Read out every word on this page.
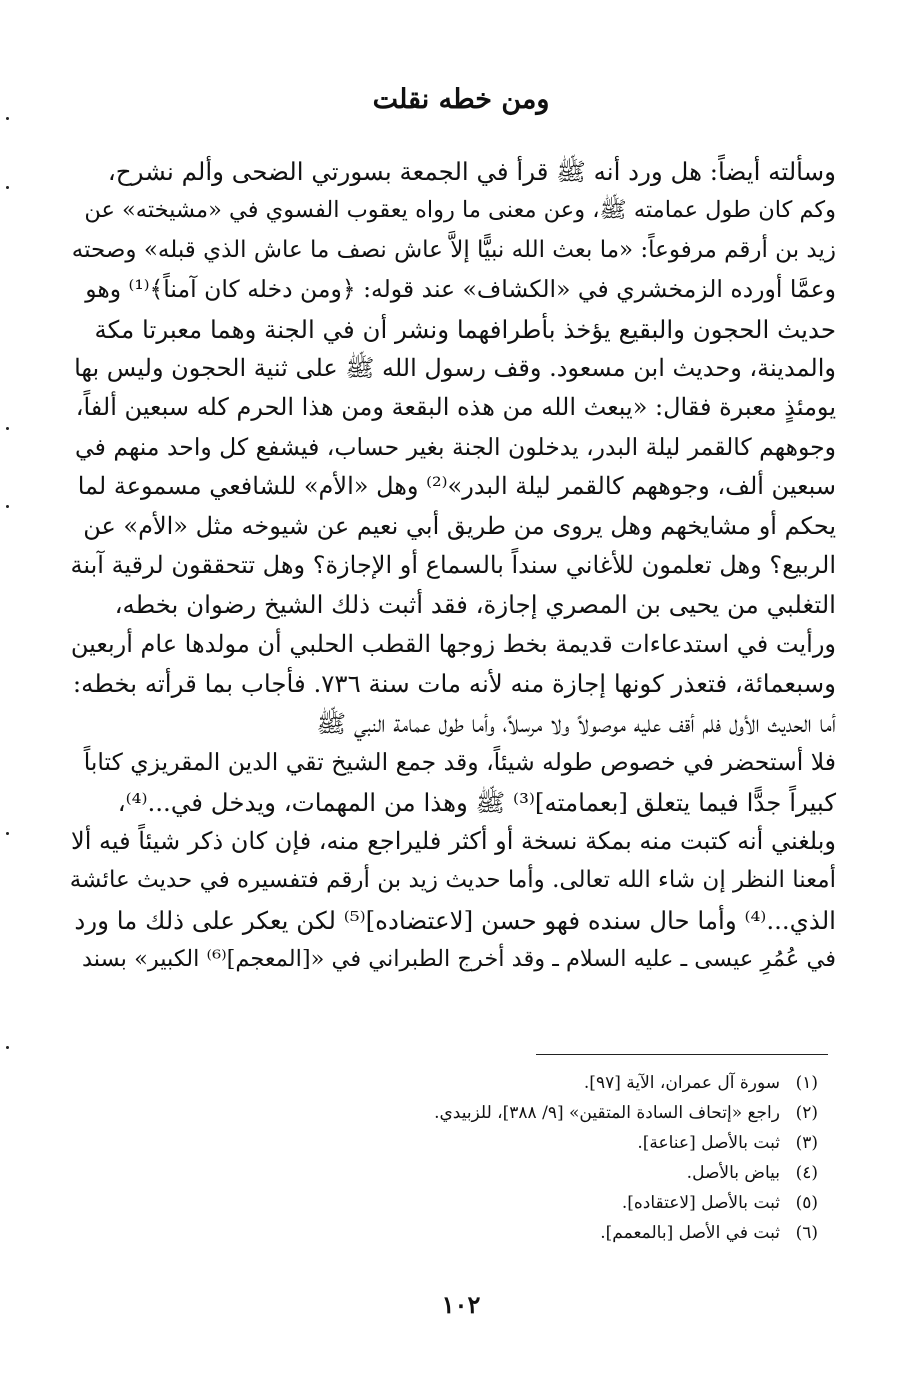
ومن خطه نقلت
وسألته أيضاً: هل ورد أنه ﷺ قرأ في الجمعة بسورتي الضحى وألم نشرح،
وكم كان طول عمامته ﷺ، وعن معنى ما رواه يعقوب الفسوي في «مشيخته» عن
زيد بن أرقم مرفوعاً: «ما بعث الله نبيًّا إلاَّ عاش نصف ما عاش الذي قبله» وصحته
وعمَّا أورده الزمخشري في «الكشاف» عند قوله: ﴿ومن دخله كان آمناً﴾⁽¹⁾ وهو
حديث الحجون والبقيع يؤخذ بأطرافهما ونشر أن في الجنة وهما معبرتا مكة
والمدينة، وحديث ابن مسعود. وقف رسول الله ﷺ على ثنية الحجون وليس بها
يومئذٍ معبرة فقال: «يبعث الله من هذه البقعة ومن هذا الحرم كله سبعين ألفاً،
وجوههم كالقمر ليلة البدر، يدخلون الجنة بغير حساب، فيشفع كل واحد منهم في
سبعين ألف، وجوههم كالقمر ليلة البدر»⁽²⁾ وهل «الأم» للشافعي مسموعة لما
يحكم أو مشايخهم وهل يروى من طريق أبي نعيم عن شيوخه مثل «الأم» عن
الربيع؟ وهل تعلمون للأغاني سنداً بالسماع أو الإجازة؟ وهل تتحققون لرقية آبنة
التغلبي من يحيى بن المصري إجازة، فقد أثبت ذلك الشيخ رضوان بخطه،
ورأيت في استدعاءات قديمة بخط زوجها القطب الحلبي أن مولدها عام أربعين
وسبعمائة، فتعذر كونها إجازة منه لأنه مات سنة ٧٣٦. فأجاب بما قرأته بخطه:
أما الحديث الأول فلم أقف عليه موصولاً ولا مرسلاً، وأما طول عمامة النبي ﷺ
فلا أستحضر في خصوص طوله شيئاً، وقد جمع الشيخ تقي الدين المقريزي كتاباً
كبيراً جدًّا فيما يتعلق [بعمامته]⁽³⁾ ﷺ وهذا من المهمات، ويدخل في...⁽⁴⁾،
وبلغني أنه كتبت منه بمكة نسخة أو أكثر فليراجع منه، فإن كان ذكر شيئاً فيه ألا
أمعنا النظر إن شاء الله تعالى. وأما حديث زيد بن أرقم فتفسيره في حديث عائشة
الذي...⁽⁴⁾ وأما حال سنده فهو حسن [لاعتضاده]⁽⁵⁾ لكن يعكر على ذلك ما ورد
في عُمُرِ عيسى ـ عليه السلام ـ وقد أخرج الطبراني في «[المعجم]⁽⁶⁾ الكبير» بسند
(١)
سورة آل عمران، الآية [٩٧].
(٢)
راجع «إتحاف السادة المتقين» [٩/ ٣٨٨]، للزبيدي.
(٣)
ثبت بالأصل [عناعة].
(٤)
بياض بالأصل.
(٥)
ثبت بالأصل [لاعتقاده].
(٦)
ثبت في الأصل [بالمعمم].
١٠٢
